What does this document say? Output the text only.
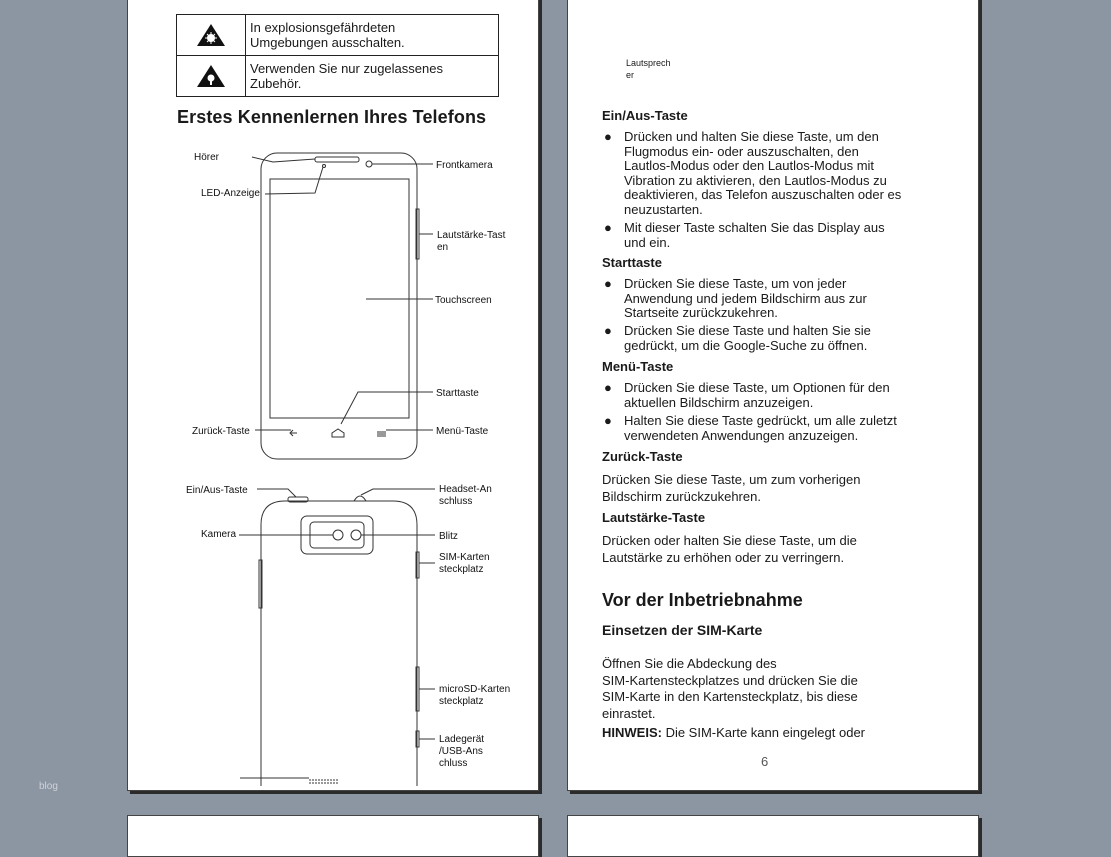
blog
	In explosionsgefährdeten
Umgebungen ausschalten.

	Verwenden Sie nur zugelassenes
Zubehör.
Erstes Kennenlernen Ihres Telefons
Hörer
Frontkamera
LED-Anzeige
Lautstärke-Tast
en
Touchscreen
Starttaste
Zurück-Taste	Menü-Taste
Ein/Aus-Taste	Headset-An
schluss
Kamera	Blitz
SIM-Karten
steckplatz
microSD-Karten
steckplatz
Ladegerät
/USB-Ans
chluss
Lautsprech
er
Ein/Aus-Taste
● Drücken und halten Sie diese Taste, um den
Flugmodus ein- oder auszuschalten, den
Lautlos-Modus oder den Lautlos-Modus mit
Vibration zu aktivieren, den Lautlos-Modus zu
deaktivieren, das Telefon auszuschalten oder es
neuzustarten.
● Mit dieser Taste schalten Sie das Display aus
und ein.
Starttaste
● Drücken Sie diese Taste, um von jeder
Anwendung und jedem Bildschirm aus zur
Startseite zurückzukehren.
● Drücken Sie diese Taste und halten Sie sie
gedrückt, um die Google-Suche zu öffnen.
Menü-Taste
● Drücken Sie diese Taste, um Optionen für den
aktuellen Bildschirm anzuzeigen.
● Halten Sie diese Taste gedrückt, um alle zuletzt
verwendeten Anwendungen anzuzeigen.
Zurück-Taste
Drücken Sie diese Taste, um zum vorherigen
Bildschirm zurückzukehren.
Lautstärke-Taste
Drücken oder halten Sie diese Taste, um die
Lautstärke zu erhöhen oder zu verringern.
Vor der Inbetriebnahme
Einsetzen der SIM-Karte
Öffnen Sie die Abdeckung des
SIM-Kartensteckplatzes und drücken Sie die
SIM-Karte in den Kartensteckplatz, bis diese
einrastet.
HINWEIS: Die SIM-Karte kann eingelegt oder
6
